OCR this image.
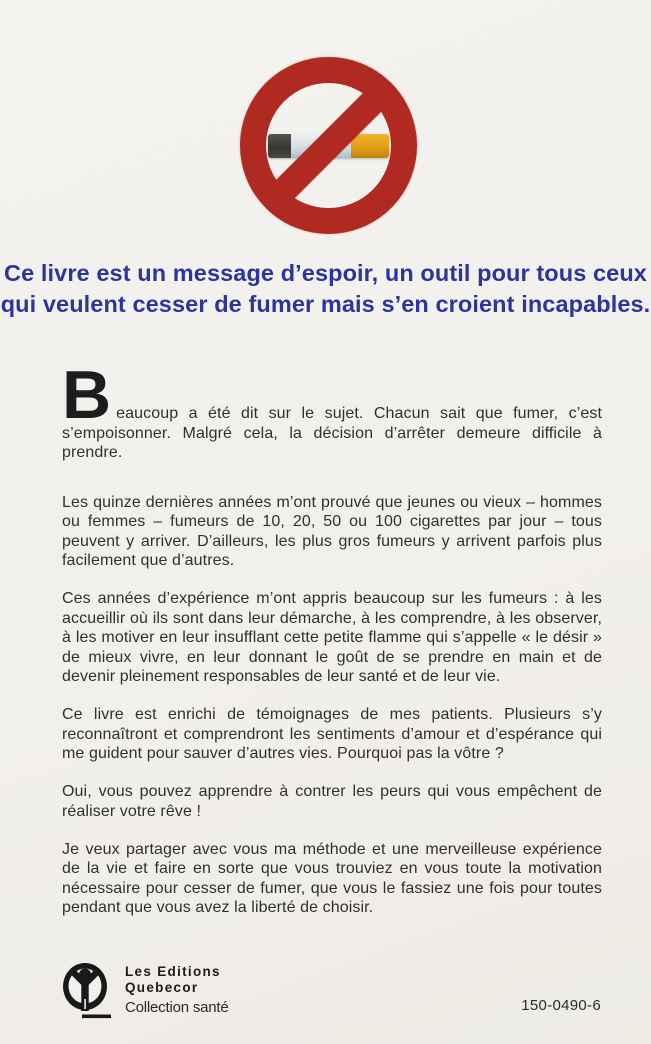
Ce livre est un message d’espoir, un outil pour tous ceux
qui veulent cesser de fumer mais s’en croient incapables.

Beaucoup a été dit sur le sujet. Chacun sait que fumer, c’est s’empoisonner. Malgré cela, la décision d’arrêter demeure difficile à prendre.

Les quinze dernières années m’ont prouvé que jeunes ou vieux – hommes ou femmes – fumeurs de 10, 20, 50 ou 100 cigarettes par jour – tous peuvent y arriver. D’ailleurs, les plus gros fumeurs y arrivent parfois plus facilement que d’autres.

Ces années d’expérience m’ont appris beaucoup sur les fumeurs : à les accueillir où ils sont dans leur démarche, à les comprendre, à les observer, à les motiver en leur insufflant cette petite flamme qui s’appelle « le désir » de mieux vivre, en leur donnant le goût de se prendre en main et de devenir pleinement responsables de leur santé et de leur vie.

Ce livre est enrichi de témoignages de mes patients. Plusieurs s’y reconnaîtront et comprendront les sentiments d’amour et d’espérance qui me guident pour sauver d’autres vies. Pourquoi pas la vôtre ?

Oui, vous pouvez apprendre à contrer les peurs qui vous empêchent de réaliser votre rêve !

Je veux partager avec vous ma méthode et une merveilleuse expérience de la vie et faire en sorte que vous trouviez en vous toute la motivation nécessaire pour cesser de fumer, que vous le fassiez une fois pour toutes pendant que vous avez la liberté de choisir.

Les Editions
Quebecor
Collection santé	150-0490-6
